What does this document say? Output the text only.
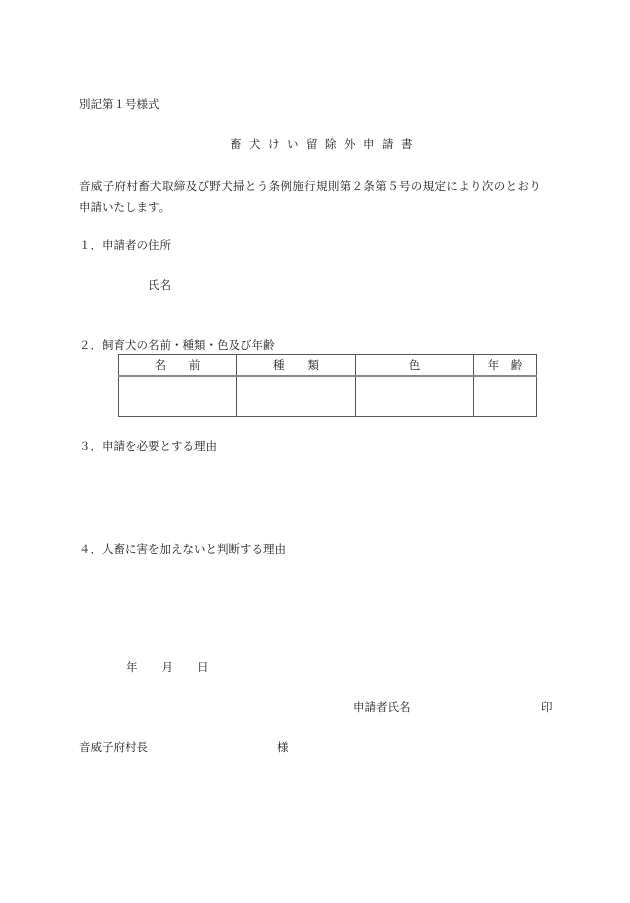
別記第１号様式
畜犬けい留除外申請書
音威子府村畜犬取締及び野犬掃とう条例施行規則第２条第５号の規定により次のとおり
申請いたします。
１．申請者の住所
氏名
２．飼育犬の名前・種類・色及び年齢
名　　前	種　　類	色	年　齢

３．申請を必要とする理由
４．人畜に害を加えないと判断する理由
年 月 日
申請者氏名	印
音威子府村長	様
